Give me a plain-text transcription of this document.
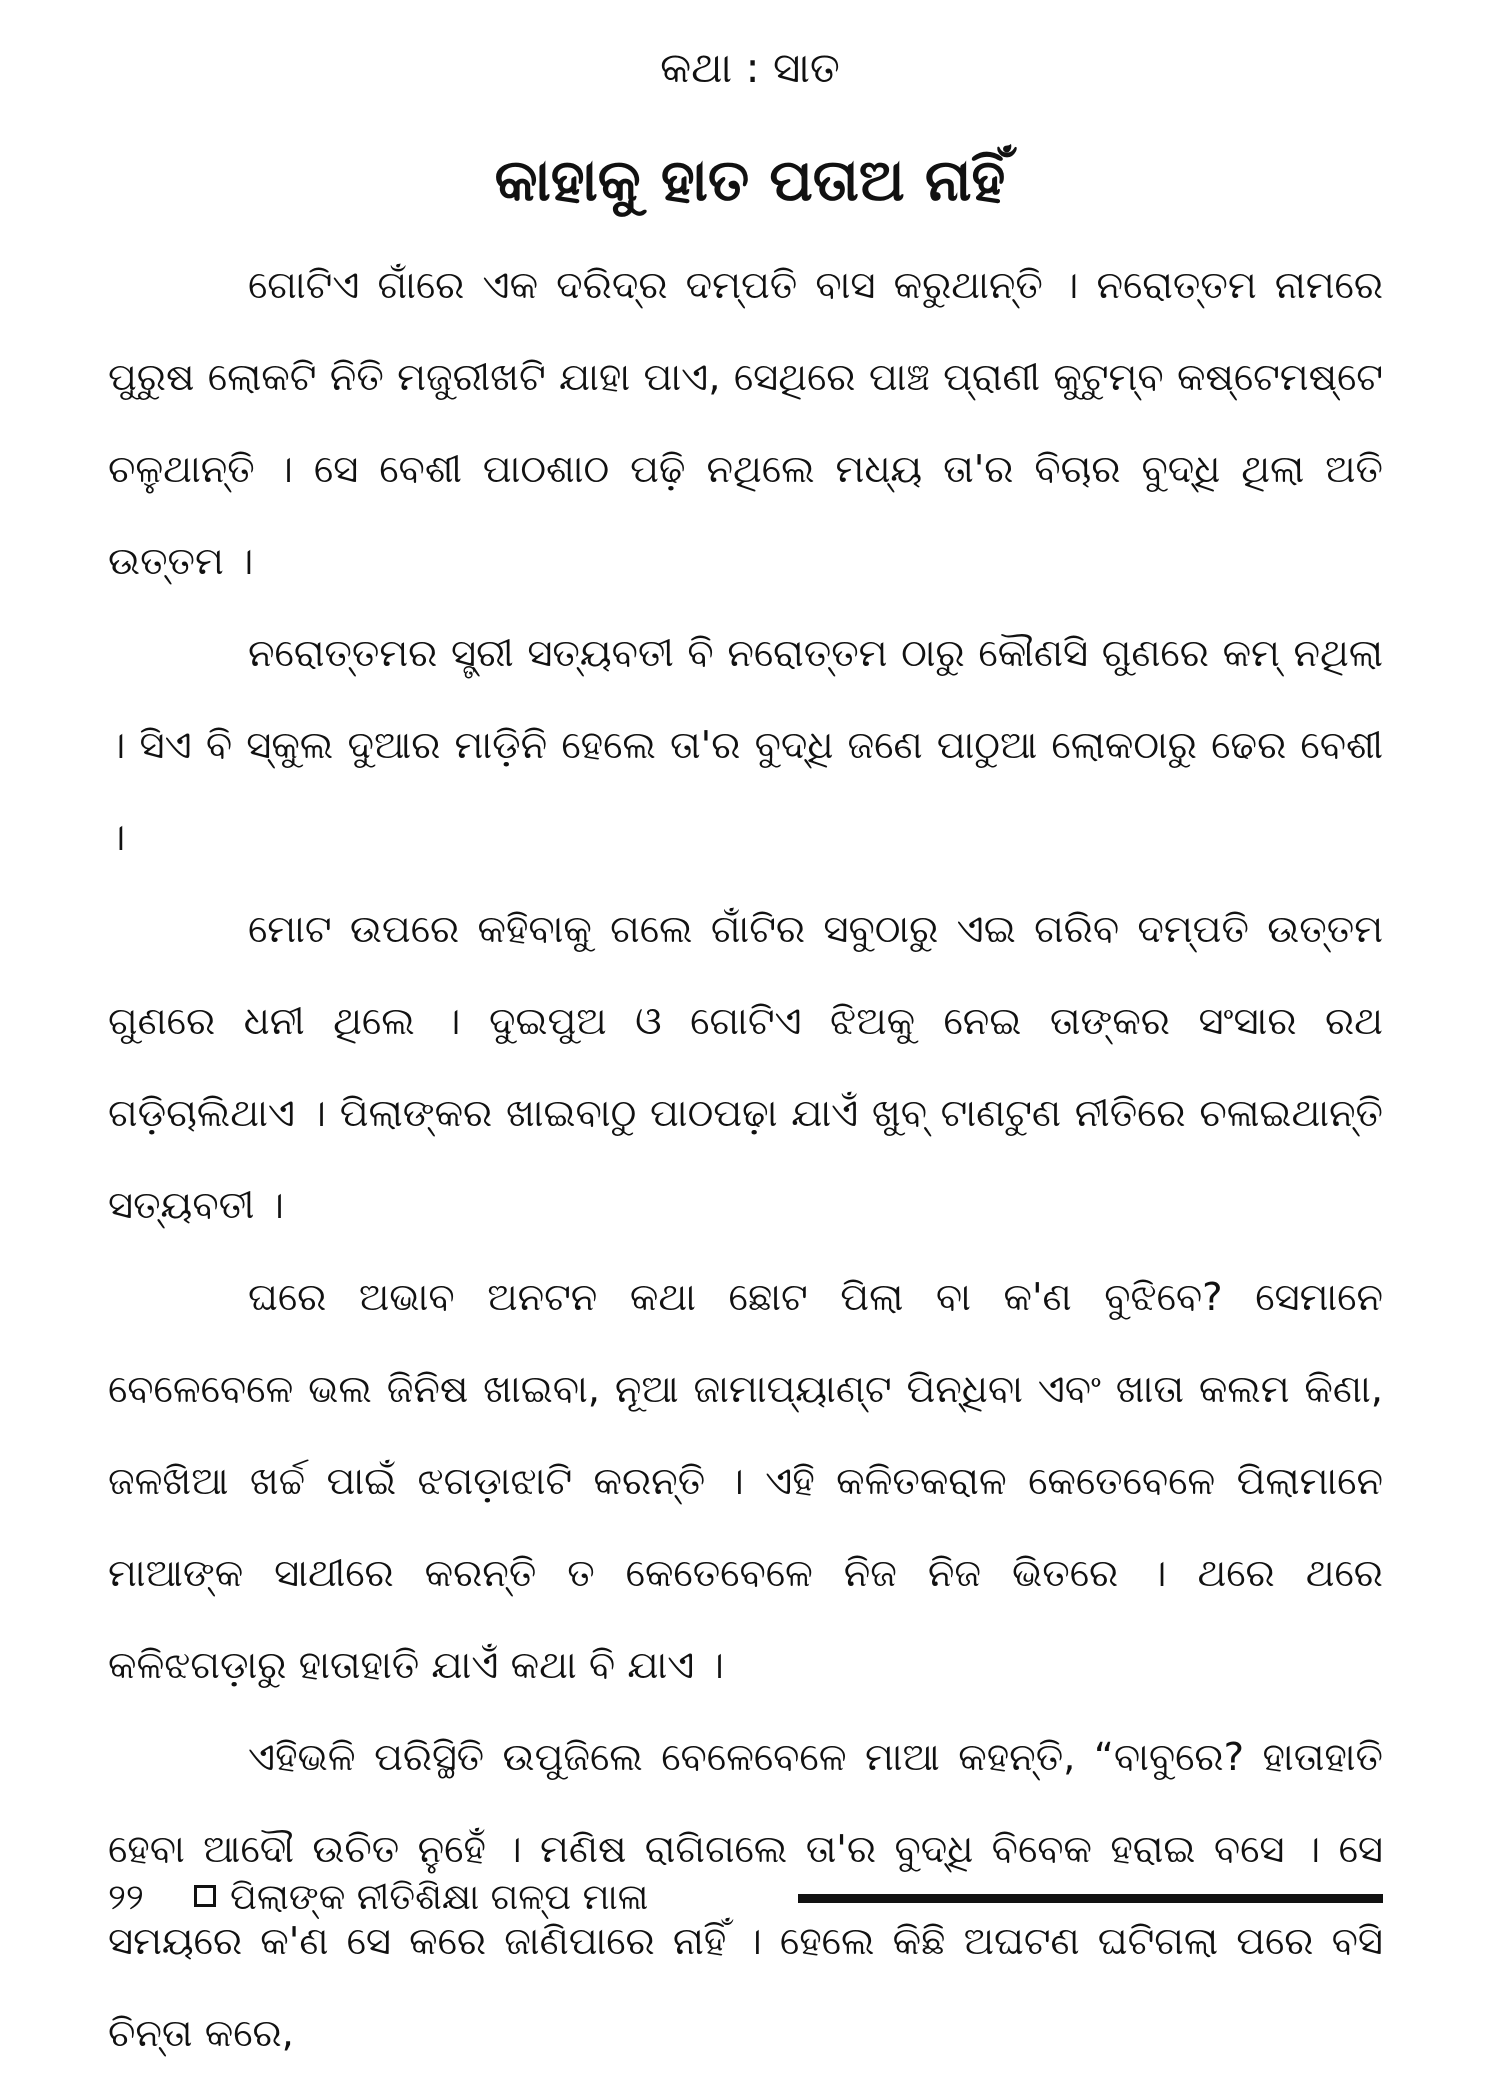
କଥା : ସାତ
କାହାକୁ ହାତ ପତାଅ ନାହିଁ

ଗୋଟିଏ ଗାଁରେ ଏକ ଦରିଦ୍ର ଦମ୍ପତି ବାସ କରୁଥାନ୍ତି । ନରୋତ୍ତମ ନାମରେ ପୁରୁଷ ଲୋକଟି ନିତି ମଜୁରୀଖଟି ଯାହା ପାଏ, ସେଥିରେ ପାଞ୍ଚ ପ୍ରାଣୀ କୁଟୁମ୍ବ କଷ୍ଟେମଷ୍ଟେ ଚଳୁଥାନ୍ତି । ସେ ବେଶୀ ପାଠଶାଠ ପଢ଼ି ନଥିଲେ ମଧ୍ୟ ତା'ର ବିଚାର ବୁଦ୍ଧି ଥିଲା ଅତି ଉତ୍ତମ ।

ନରୋତ୍ତମର ସ୍ତ୍ରୀ ସତ୍ୟବତୀ ବି ନରୋତ୍ତମ ଠାରୁ କୌଣସି ଗୁଣରେ କମ୍ ନଥିଲା । ସିଏ ବି ସ୍କୁଲ ଦୁଆର ମାଡ଼ିନି ହେଲେ ତା'ର ବୁଦ୍ଧି ଜଣେ ପାଠୁଆ ଲୋକଠାରୁ ଢେର ବେଶୀ ।

ମୋଟ ଉପରେ କହିବାକୁ ଗଲେ ଗାଁଟିର ସବୁଠାରୁ ଏଇ ଗରିବ ଦମ୍ପତି ଉତ୍ତମ ଗୁଣରେ ଧନୀ ଥିଲେ । ଦୁଇପୁଅ ଓ ଗୋଟିଏ ଝିଅକୁ ନେଇ ତାଙ୍କର ସଂସାର ରଥ ଗଡ଼ିଚାଲିଥାଏ । ପିଲାଙ୍କର ଖାଇବାଠୁ ପାଠପଢ଼ା ଯାଏଁ ଖୁବ୍ ଟାଣଟୁଣ ନୀତିରେ ଚଳାଇଥାନ୍ତି ସତ୍ୟବତୀ ।

ଘରେ ଅଭାବ ଅନଟନ କଥା ଛୋଟ ପିଲା ବା କ'ଣ ବୁଝିବେ? ସେମାନେ ବେଳେବେଳେ ଭଲ ଜିନିଷ ଖାଇବା, ନୂଆ ଜାମାପ୍ୟାଣ୍ଟ ପିନ୍ଧିବା ଏବଂ ଖାତା କଲମ କିଣା, ଜଳଖିଆ ଖର୍ଚ୍ଚ ପାଇଁ ଝଗଡ଼ାଝାଟି କରନ୍ତି । ଏହି କଳିତକରାଳ କେତେବେଳେ ପିଲାମାନେ ମାଆଙ୍କ ସାଥୀରେ କରନ୍ତି ତ କେତେବେଳେ ନିଜ ନିଜ ଭିତରେ । ଥରେ ଥରେ କଳିଝଗଡ଼ାରୁ ହାତାହାତି ଯାଏଁ କଥା ବି ଯାଏ ।

ଏହିଭଳି ପରିସ୍ଥିତି ଉପୁଜିଲେ ବେଳେବେଳେ ମାଆ କହନ୍ତି, “ବାବୁରେ? ହାତାହାତି ହେବା ଆଦୌ ଉଚିତ ନୁହେଁ । ମଣିଷ ରାଗିଗଲେ ତା'ର ବୁଦ୍ଧି ବିବେକ ହରାଇ ବସେ । ସେ ସମୟରେ କ'ଣ ସେ କରେ ଜାଣିପାରେ ନାହିଁ । ହେଲେ କିଛି ଅଘଟଣ ଘଟିଗଲା ପରେ ବସି ଚିନ୍ତା କରେ,

୨୨ ପିଲାଙ୍କ ନୀତିଶିକ୍ଷା ଗଳ୍ପ ମାଳା
